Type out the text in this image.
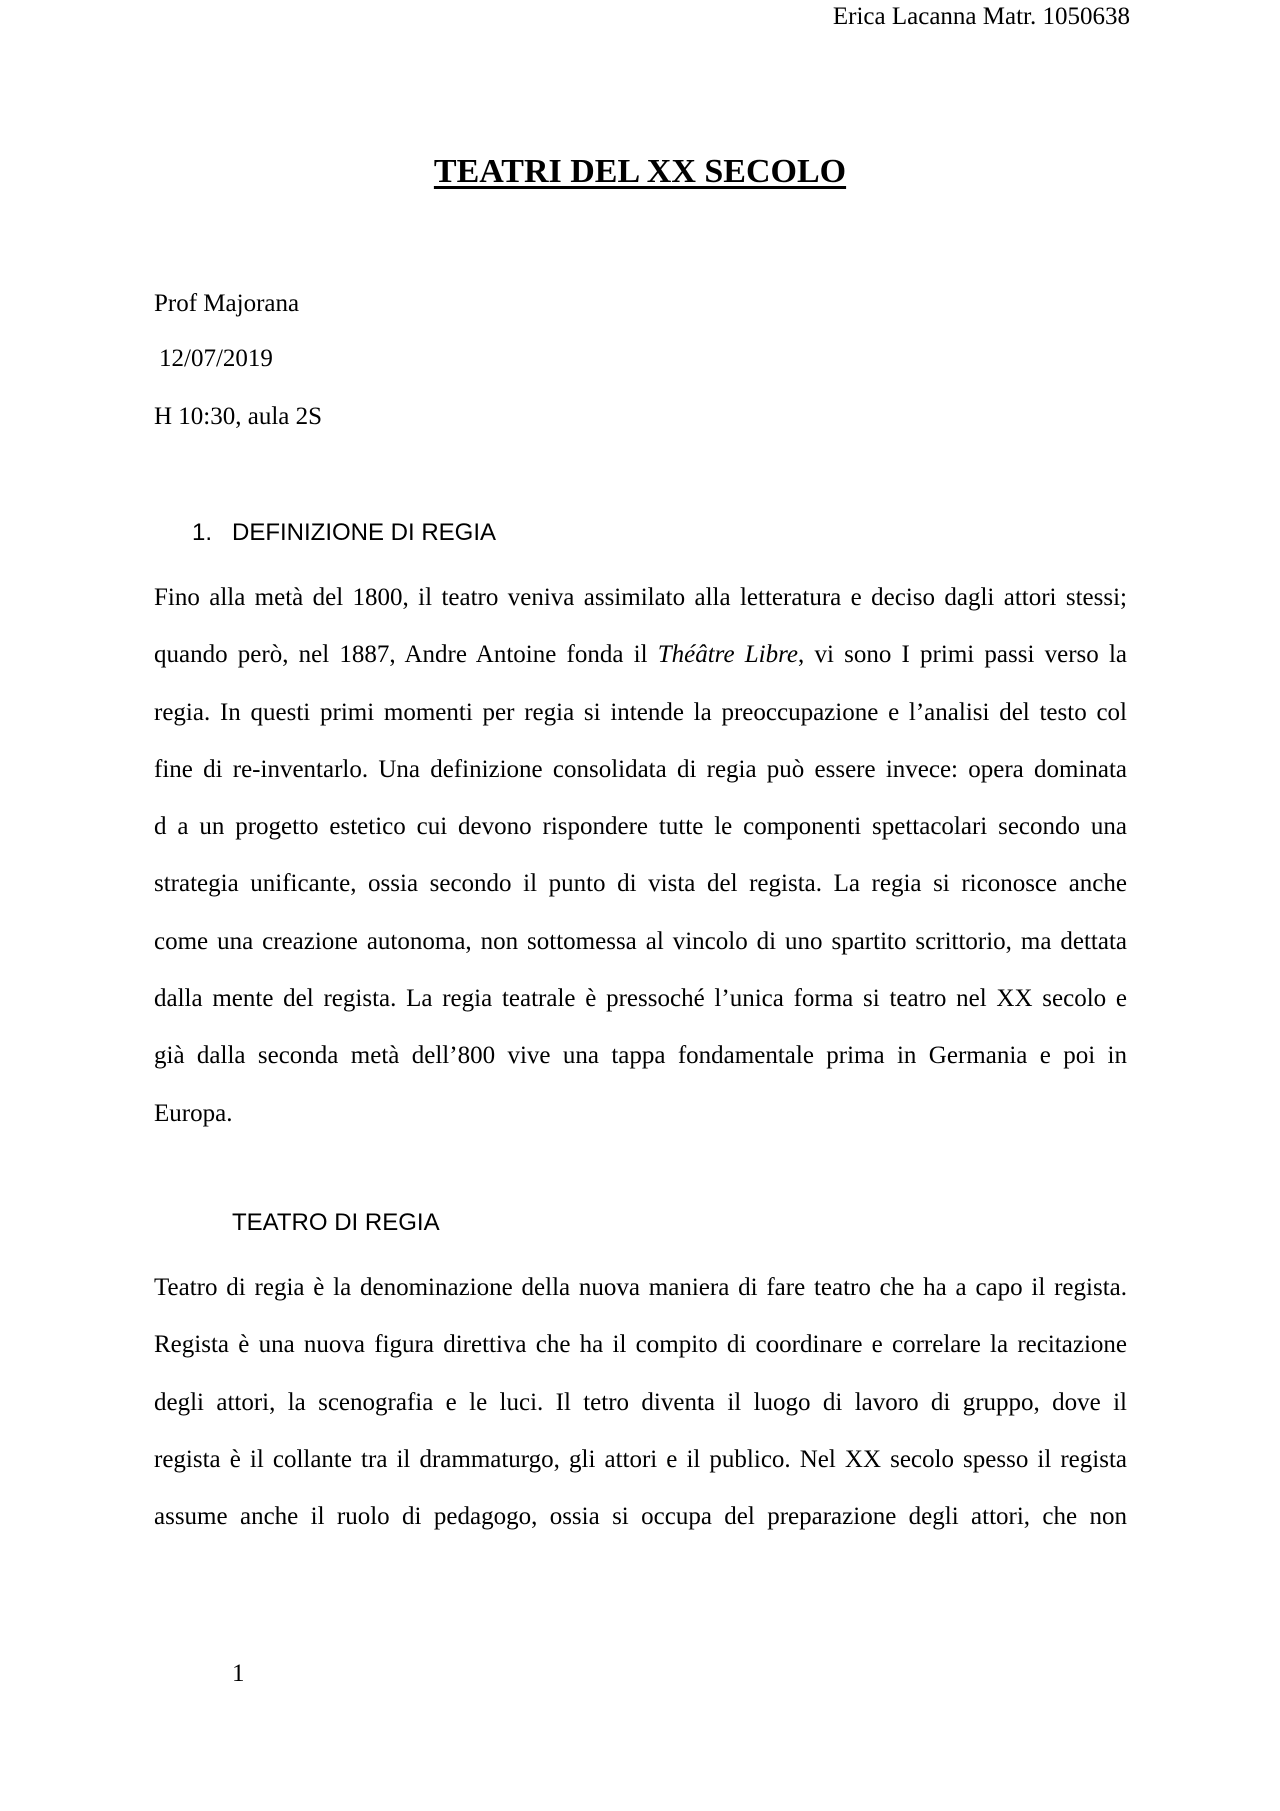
Erica Lacanna Matr. 1050638
TEATRI DEL XX SECOLO
Prof Majorana
12/07/2019
H 10:30, aula 2S
1. DEFINIZIONE DI REGIA
Fino alla metà del 1800, il teatro veniva assimilato alla letteratura e deciso dagli attori stessi;
quando però, nel 1887, Andre Antoine fonda il Théâtre Libre, vi sono I primi passi verso la
regia. In questi primi momenti per regia si intende la preoccupazione e l’analisi del testo col
fine di re-inventarlo. Una definizione consolidata di regia può essere invece: opera dominata
d a un progetto estetico cui devono rispondere tutte le componenti spettacolari secondo una
strategia unificante, ossia secondo il punto di vista del regista. La regia si riconosce anche
come una creazione autonoma, non sottomessa al vincolo di uno spartito scrittorio, ma dettata
dalla mente del regista. La regia teatrale è pressoché l’unica forma si teatro nel XX secolo e
già dalla seconda metà dell’800 vive una tappa fondamentale prima in Germania e poi in
Europa.
TEATRO DI REGIA
Teatro di regia è la denominazione della nuova maniera di fare teatro che ha a capo il regista.
Regista è una nuova figura direttiva che ha il compito di coordinare e correlare la recitazione
degli attori, la scenografia e le luci. Il tetro diventa il luogo di lavoro di gruppo, dove il
regista è il collante tra il drammaturgo, gli attori e il publico. Nel XX secolo spesso il regista
assume anche il ruolo di pedagogo, ossia si occupa del preparazione degli attori, che non
1
